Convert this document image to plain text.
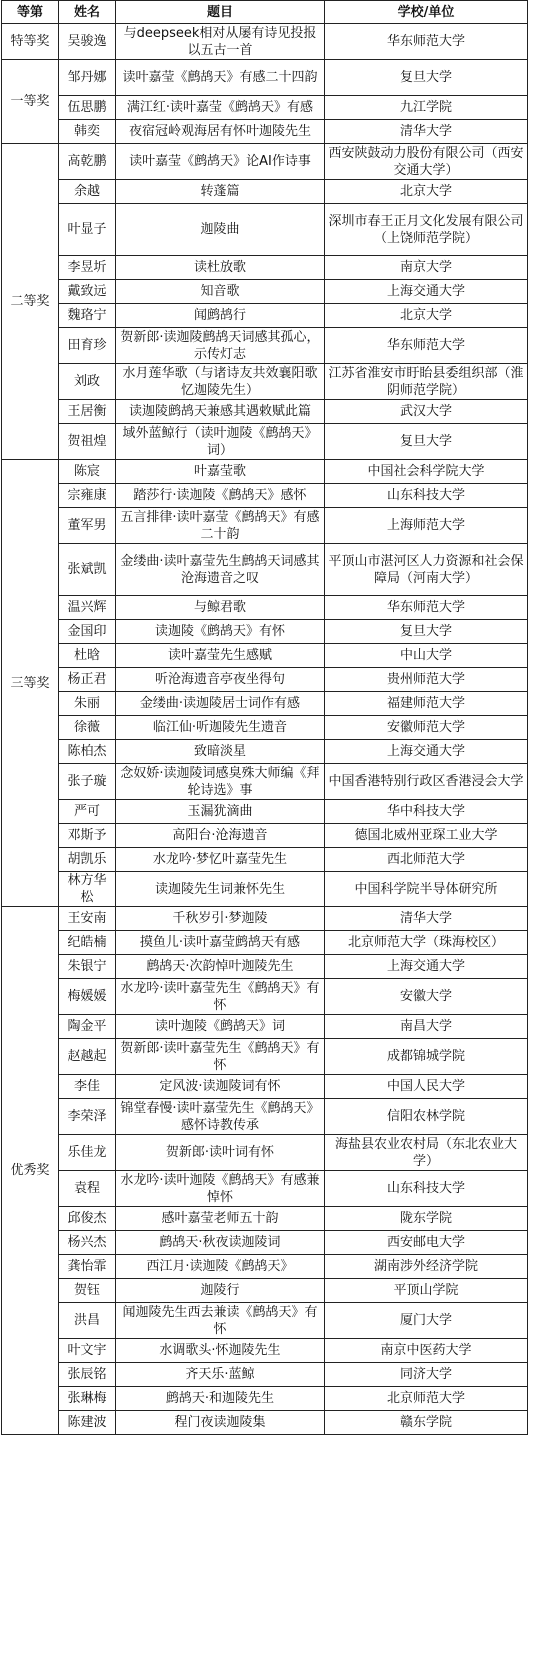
等第	姓名	题目	学校/单位
特等奖	吴骏逸	与deepseek相对从屡有诗见投报以五古一首	华东师范大学
一等奖	邹丹娜	读叶嘉莹《鹧鸪天》有感二十四韵	复旦大学
	伍思鹏	满江红·读叶嘉莹《鹧鸪天》有感	九江学院
	韩奕	夜宿冠岭观海居有怀叶迦陵先生	清华大学
二等奖	高乾鹏	读叶嘉莹《鹧鸪天》论AI作诗事	西安陕鼓动力股份有限公司（西安交通大学）
	余越	转蓬篇	北京大学
	叶显子	迦陵曲	深圳市春王正月文化发展有限公司（上饶师范学院）
	李昱圻	读杜放歌	南京大学
	戴致远	知音歌	上海交通大学
	魏珞宁	闻鹧鸪行	北京大学
	田育珍	贺新郎·读迦陵鹧鸪天词感其孤心，示传灯志	华东师范大学
	刘政	水月莲华歌（与诸诗友共效襄阳歌忆迦陵先生）	江苏省淮安市盱眙县委组织部（淮阴师范学院）
	王居衡	读迦陵鹧鸪天兼感其遇敕赋此篇	武汉大学
	贺祖煌	域外蓝鲸行（读叶迦陵《鹧鸪天》词）	复旦大学
三等奖	陈宸	叶嘉莹歌	中国社会科学院大学
	宗雍康	踏莎行·读迦陵《鹧鸪天》感怀	山东科技大学
	董军男	五言排律·读叶嘉莹《鹧鸪天》有感二十韵	上海师范大学
	张斌凯	金缕曲·读叶嘉莹先生鹧鸪天词感其沧海遗音之叹	平顶山市湛河区人力资源和社会保障局（河南大学）
	温兴辉	与鲸君歌	华东师范大学
	金国印	读迦陵《鹧鸪天》有怀	复旦大学
	杜晗	读叶嘉莹先生感赋	中山大学
	杨正君	听沧海遗音亭夜坐得句	贵州师范大学
	朱丽	金缕曲·读迦陵居士词作有感	福建师范大学
	徐薇	临江仙·听迦陵先生遗音	安徽师范大学
	陈柏杰	致暗淡星	上海交通大学
	张子璇	念奴娇·读迦陵词感臭殊大师编《拜轮诗选》事	中国香港特别行政区香港浸会大学
	严可	玉漏犹滴曲	华中科技大学
	邓斯予	高阳台·沧海遗音	德国北威州亚琛工业大学
	胡凯乐	水龙吟·梦忆叶嘉莹先生	西北师范大学
	林方华松	读迦陵先生词兼怀先生	中国科学院半导体研究所
优秀奖	王安南	千秋岁引·梦迦陵	清华大学
	纪皓楠	摸鱼儿·读叶嘉莹鹧鸪天有感	北京师范大学（珠海校区）
	朱银宁	鹧鸪天·次韵悼叶迦陵先生	上海交通大学
	梅媛媛	水龙吟·读叶嘉莹先生《鹧鸪天》有怀	安徽大学
	陶金平	读叶迦陵《鹧鸪天》词	南昌大学
	赵越起	贺新郎·读叶嘉莹先生《鹧鸪天》有怀	成都锦城学院
	李佳	定风波·读迦陵词有怀	中国人民大学
	李荣泽	锦堂春慢·读叶嘉莹先生《鹧鸪天》感怀诗教传承	信阳农林学院
	乐佳龙	贺新郎·读叶词有怀	海盐县农业农村局（东北农业大学）
	袁程	水龙吟·读叶迦陵《鹧鸪天》有感兼悼怀	山东科技大学
	邱俊杰	感叶嘉莹老师五十韵	陇东学院
	杨兴杰	鹧鸪天·秋夜读迦陵词	西安邮电大学
	龚怡霏	西江月·读迦陵《鹧鸪天》	湖南涉外经济学院
	贺钰	迦陵行	平顶山学院
	洪昌	闻迦陵先生西去兼读《鹧鸪天》有怀	厦门大学
	叶文宇	水调歌头·怀迦陵先生	南京中医药大学
	张辰铭	齐天乐·蓝鲸	同济大学
	张琳梅	鹧鸪天·和迦陵先生	北京师范大学
	陈建波	程门夜读迦陵集	赣东学院
